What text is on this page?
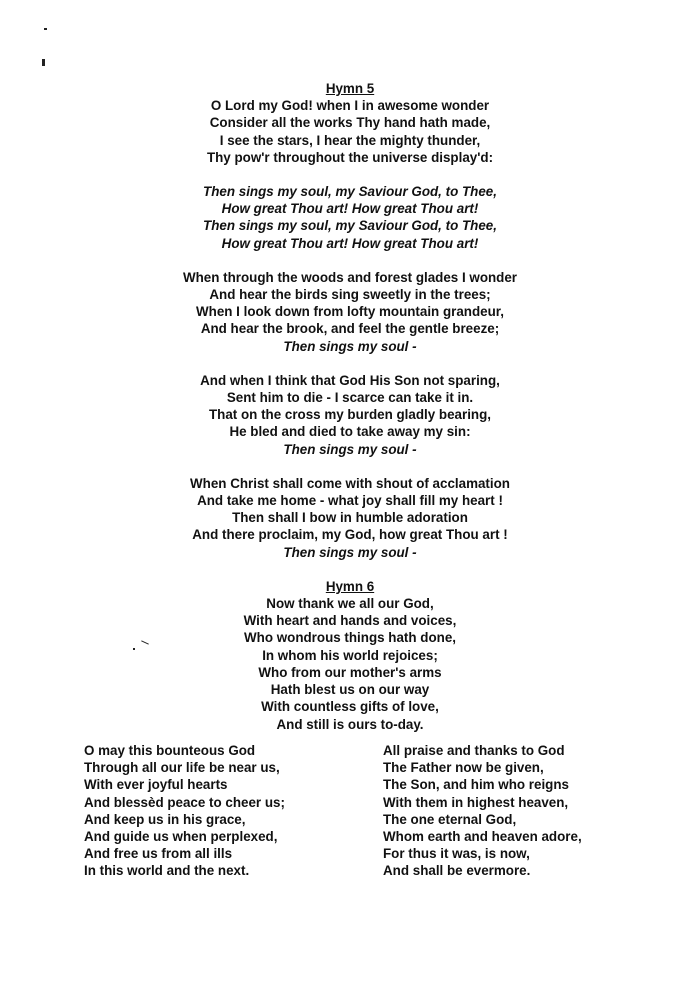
Hymn 5
O Lord my God! when I in awesome wonder
Consider all the works Thy hand hath made,
I see the stars, I hear the mighty thunder,
Thy pow'r throughout the universe display'd:
Then sings my soul, my Saviour God, to Thee,
How great Thou art! How great Thou art!
Then sings my soul, my Saviour God, to Thee,
How great Thou art! How great Thou art!
When through the woods and forest glades I wonder
And hear the birds sing sweetly in the trees;
When I look down from lofty mountain grandeur,
And hear the brook, and feel the gentle breeze;
Then sings my soul -
And when I think that God His Son not sparing,
Sent him to die - I scarce can take it in.
That on the cross my burden gladly bearing,
He bled and died to take away my sin:
Then sings my soul -
When Christ shall come with shout of acclamation
And take me home - what joy shall fill my heart !
Then shall I bow in humble adoration
And there proclaim, my God, how great Thou art !
Then sings my soul -
Hymn 6
Now thank we all our God,
With heart and hands and voices,
Who wondrous things hath done,
In whom his world rejoices;
Who from our mother's arms
Hath blest us on our way
With countless gifts of love,
And still is ours to-day.
O may this bounteous God
Through all our life be near us,
With ever joyful hearts
And blessèd peace to cheer us;
And keep us in his grace,
And guide us when perplexed,
And free us from all ills
In this world and the next.
All praise and thanks to God
The Father now be given,
The Son, and him who reigns
With them in highest heaven,
The one eternal God,
Whom earth and heaven adore,
For thus it was, is now,
And shall be evermore.
